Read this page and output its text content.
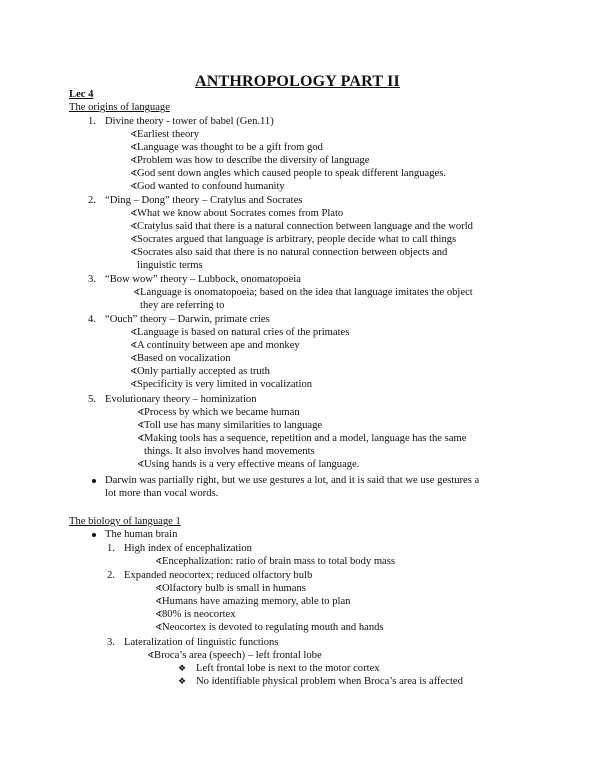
ANTHROPOLOGY PART II
Lec 4
The origins of language
1. Divine theory - tower of babel (Gen.11)
∢Earliest theory
∢Language was thought to be a gift from god
∢Problem was how to describe the diversity of language
∢God sent down angles which caused people to speak different languages.
∢God wanted to confound humanity
2. “Ding – Dong” theory – Cratylus and Socrates
∢What we know about Socrates comes from Plato
∢Cratylus said that there is a natural connection between language and the world
∢Socrates argued that language is arbitrary, people decide what to call things
∢Socrates also said that there is no natural connection between objects and
linguistic terms
3. “Bow wow” theory – Lubbock, onomatopoeia
∢Language is onomatopoeia; based on the idea that language imitates the object
they are referring to
4. “Ouch” theory – Darwin, primate cries
∢Language is based on natural cries of the primates
∢A continuity between ape and monkey
∢Based on vocalization
∢Only partially accepted as truth
∢Specificity is very limited in vocalization
5. Evolutionary theory – hominization
∢Process by which we became human
∢Toll use has many similarities to language
∢Making tools has a sequence, repetition and a model, language has the same
things. It also involves hand movements
∢Using hands is a very effective means of language.
Darwin was partially right, but we use gestures a lot, and it is said that we use gestures a
lot more than vocal words.
The biology of language 1
The human brain
1. High index of encephalization
∢Encephalization: ratio of brain mass to total body mass
2. Expanded neocortex; reduced olfactory bulb
∢Olfactory bulb is small in humans
∢Humans have amazing memory, able to plan
∢80% is neocortex
∢Neocortex is devoted to regulating mouth and hands
3. Lateralization of linguistic functions
∢Broca’s area (speech) – left frontal lobe
❖ Left frontal lobe is next to the motor cortex
❖ No identifiable physical problem when Broca’s area is affected
